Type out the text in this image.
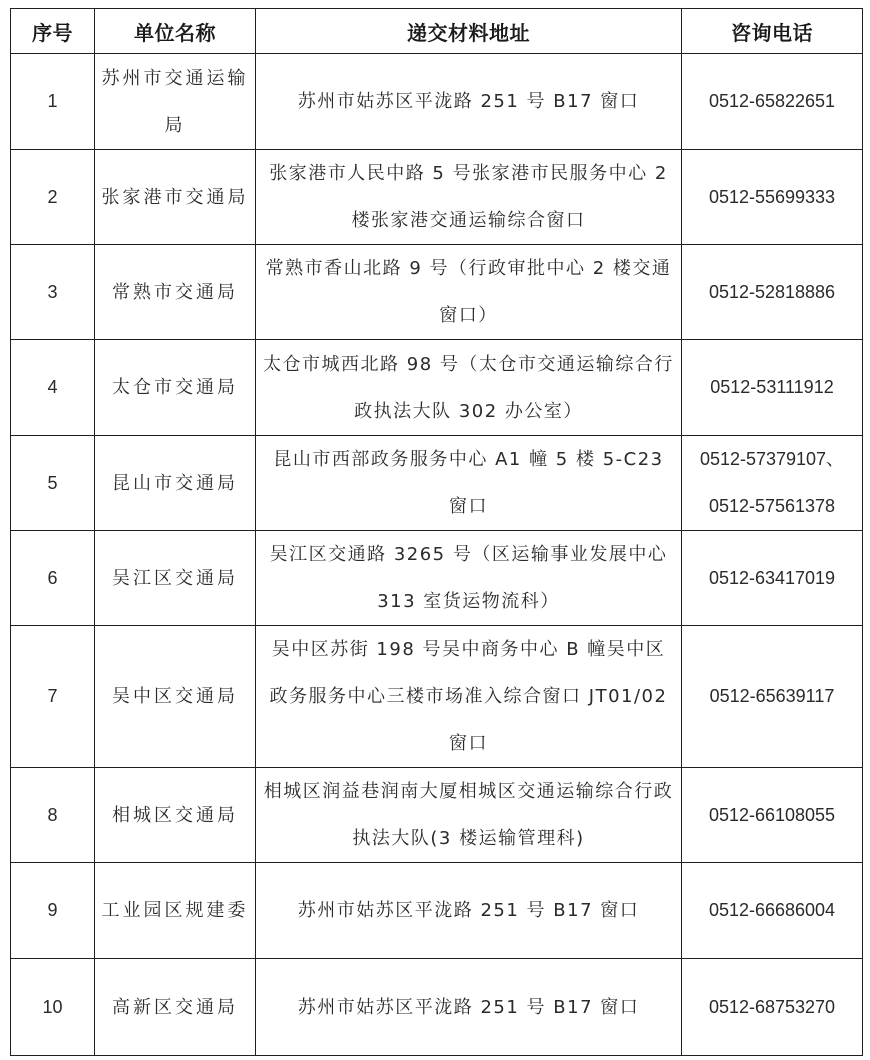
序号	单位名称	递交材料地址	咨询电话
1	苏州市交通运输局	苏州市姑苏区平泷路 251 号 B17 窗口	0512-65822651
2	张家港市交通局	张家港市人民中路 5 号张家港市民服务中心 2 楼张家港交通运输综合窗口	0512-55699333
3	常熟市交通局	常熟市香山北路 9 号（行政审批中心 2 楼交通窗口）	0512-52818886
4	太仓市交通局	太仓市城西北路 98 号（太仓市交通运输综合行政执法大队 302 办公室）	0512-53111912
5	昆山市交通局	昆山市西部政务服务中心 A1 幢 5 楼 5-C23 窗口	0512-57379107、0512-57561378
6	吴江区交通局	吴江区交通路 3265 号（区运输事业发展中心 313 室货运物流科）	0512-63417019
7	吴中区交通局	吴中区苏街 198 号吴中商务中心 B 幢吴中区政务服务中心三楼市场准入综合窗口 JT01/02 窗口	0512-65639117
8	相城区交通局	相城区润益巷润南大厦相城区交通运输综合行政执法大队(3 楼运输管理科)	0512-66108055
9	工业园区规建委	苏州市姑苏区平泷路 251 号 B17 窗口	0512-66686004
10	高新区交通局	苏州市姑苏区平泷路 251 号 B17 窗口	0512-68753270
